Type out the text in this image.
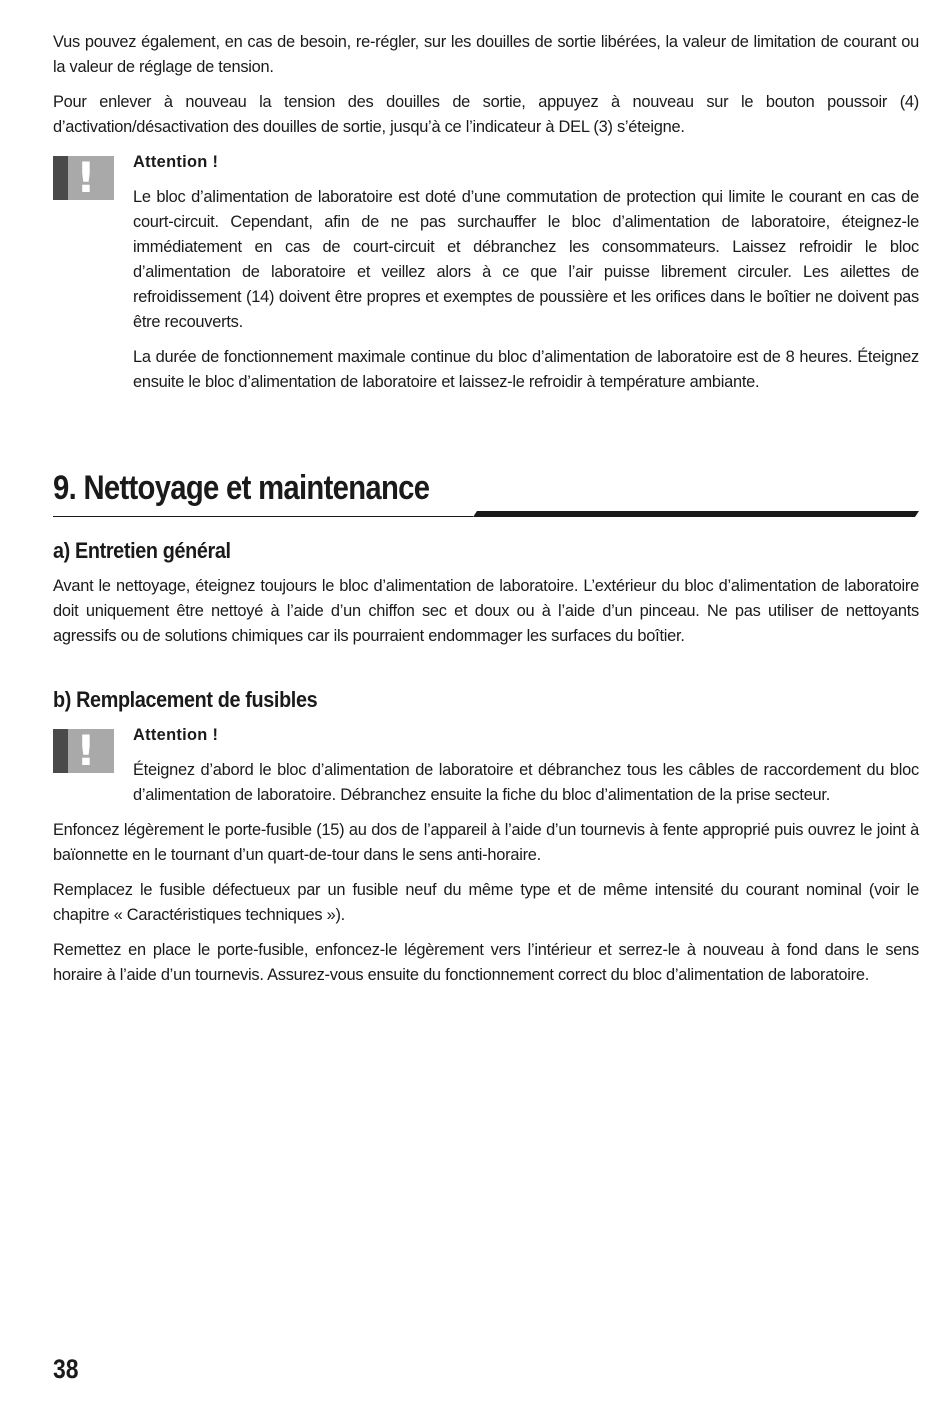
Vus pouvez également, en cas de besoin, re-régler, sur les douilles de sortie libérées, la valeur de limitation de courant ou la valeur de réglage de tension.

Pour enlever à nouveau la tension des douilles de sortie, appuyez à nouveau sur le bouton poussoir (4) d’activation/désactivation des douilles de sortie, jusqu’à ce l’indicateur à DEL (3) s’éteigne.

! Attention !

Le bloc d’alimentation de laboratoire est doté d’une commutation de protection qui limite le courant en cas de court-circuit. Cependant, afin de ne pas surchauffer le bloc d’alimentation de laboratoire, éteignez-le immédiatement en cas de court-circuit et débranchez les consommateurs. Laissez refroidir le bloc d’alimentation de laboratoire et veillez alors à ce que l’air puisse librement circuler. Les ailettes de refroidissement (14) doivent être propres et exemptes de poussière et les orifices dans le boîtier ne doivent pas être recouverts.

La durée de fonctionnement maximale continue du bloc d’alimentation de laboratoire est de 8 heures. Éteignez ensuite le bloc d’alimentation de laboratoire et laissez-le refroidir à température ambiante.

9. Nettoyage et maintenance
a) Entretien général

Avant le nettoyage, éteignez toujours le bloc d’alimentation de laboratoire. L’extérieur du bloc d’alimentation de laboratoire doit uniquement être nettoyé à l’aide d’un chiffon sec et doux ou à l’aide d’un pinceau. Ne pas utiliser de nettoyants agressifs ou de solutions chimiques car ils pourraient endommager les surfaces du boîtier.

b) Remplacement de fusibles
! Attention !

Éteignez d’abord le bloc d’alimentation de laboratoire et débranchez tous les câbles de raccordement du bloc d’alimentation de laboratoire. Débranchez ensuite la fiche du bloc d’alimentation de la prise secteur.

Enfoncez légèrement le porte-fusible (15) au dos de l’appareil à l’aide d’un tournevis à fente approprié puis ouvrez le joint à baïonnette en le tournant d’un quart-de-tour dans le sens anti-horaire.

Remplacez le fusible défectueux par un fusible neuf du même type et de même intensité du courant nominal (voir le chapitre « Caractéristiques techniques »).

Remettez en place le porte-fusible, enfoncez-le légèrement vers l’intérieur et serrez-le à nouveau à fond dans le sens horaire à l’aide d’un tournevis. Assurez-vous ensuite du fonctionnement correct du bloc d’alimentation de laboratoire.

38
